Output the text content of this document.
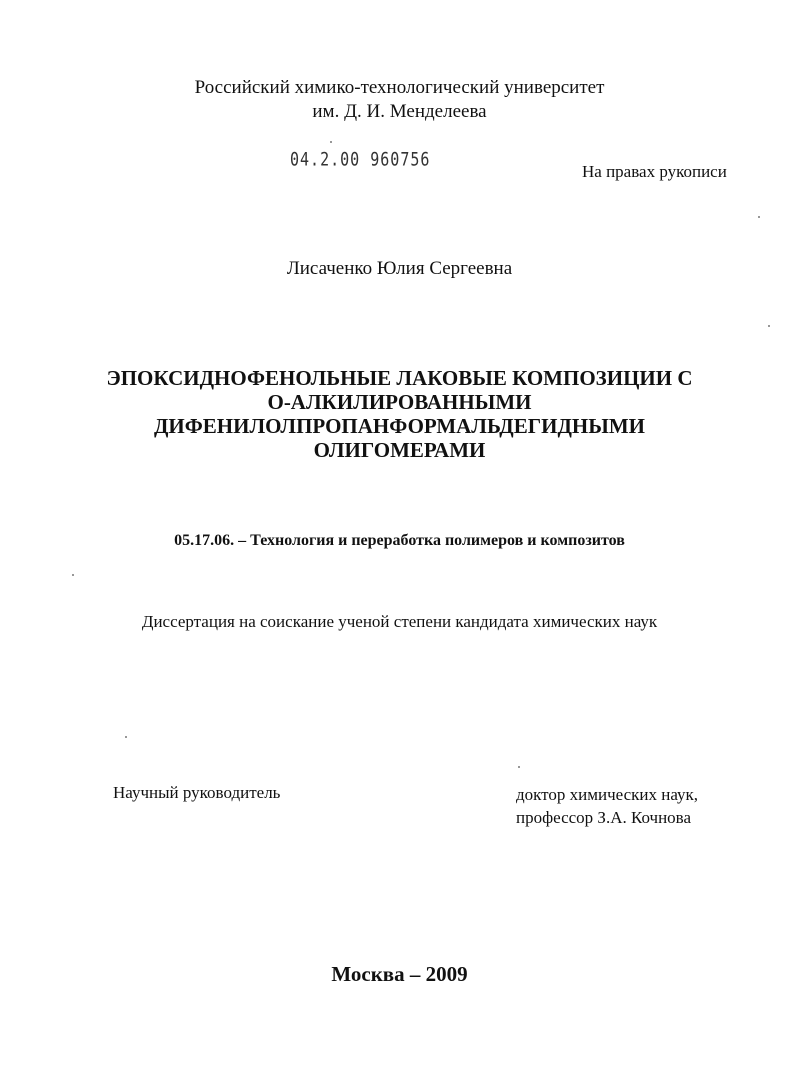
Российский химико-технологический университет
им. Д. И. Менделеева
04.2.00 960756
На правах рукописи
Лисаченко Юлия Сергеевна
ЭПОКСИДНОФЕНОЛЬНЫЕ ЛАКОВЫЕ КОМПОЗИЦИИ С
О-АЛКИЛИРОВАННЫМИ
ДИФЕНИЛОЛПРОПАНФОРМАЛЬДЕГИДНЫМИ
ОЛИГОМЕРАМИ
05.17.06. – Технология и переработка полимеров и композитов
Диссертация на соискание ученой степени кандидата химических наук
Научный руководитель	доктор химических наук,
профессор З.А. Кочнова
Москва – 2009
